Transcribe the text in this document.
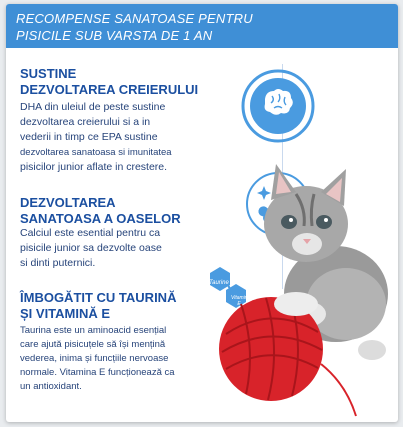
RECOMPENSE SANATOASE PENTRU
PISICILE SUB VARSTA DE 1 AN
SUSTINE
DEZVOLTAREA CREIERULUI
DHA din uleiul de peste sustine
dezvoltarea creierului si a in
vederii in timp ce EPA sustine
dezvoltarea sanatoasa si imunitatea
pisicilor junior aflate in crestere.
DEZVOLTAREA
SANATOASA A OASELOR
Calciul este esential pentru ca
pisicile junior sa dezvolte oase
si dinti puternici.
ÎMBOGĂTIT CU TAURINĂ
ȘI VITAMINĂ E
Taurina este un aminoacid esențial
care ajută pisicuțele să își mențină
vederea, inima și funcțiile nervoase
normale. Vitamina E funcționează ca
un antioxidant.
Taurine
Vitamin E
